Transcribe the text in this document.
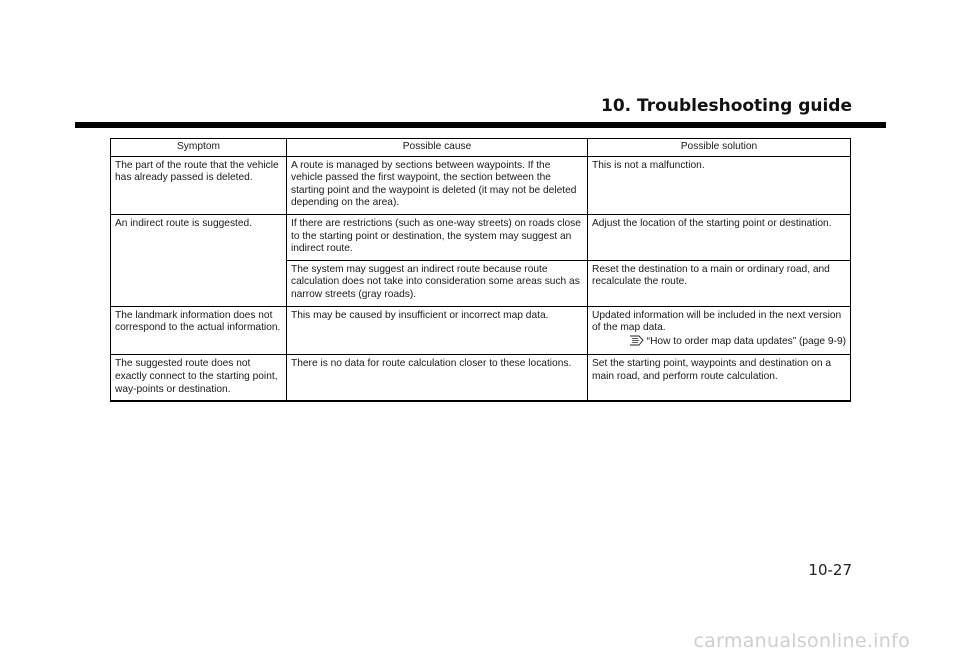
10. Troubleshooting guide
Symptom	Possible cause	Possible solution
The part of the route that the vehicle has already passed is deleted.	A route is managed by sections between waypoints. If the vehicle passed the first waypoint, the section between the starting point and the waypoint is deleted (it may not be deleted depending on the area).	This is not a malfunction.
An indirect route is suggested.	If there are restrictions (such as one-way streets) on roads close to the starting point or destination, the system may suggest an indirect route.	Adjust the location of the starting point or destination.
	The system may suggest an indirect route because route calculation does not take into consideration some areas such as narrow streets (gray roads).	Reset the destination to a main or ordinary road, and recalculate the route.
The landmark information does not correspond to the actual information.	This may be caused by insufficient or incorrect map data.	Updated information will be included in the next version of the map data.
“How to order map data updates” (page 9-9)

The suggested route does not exactly connect to the starting point, way-points or destination.	There is no data for route calculation closer to these locations.	Set the starting point, waypoints and destination on a main road, and perform route calculation.
10-27
carmanualsonline.info
